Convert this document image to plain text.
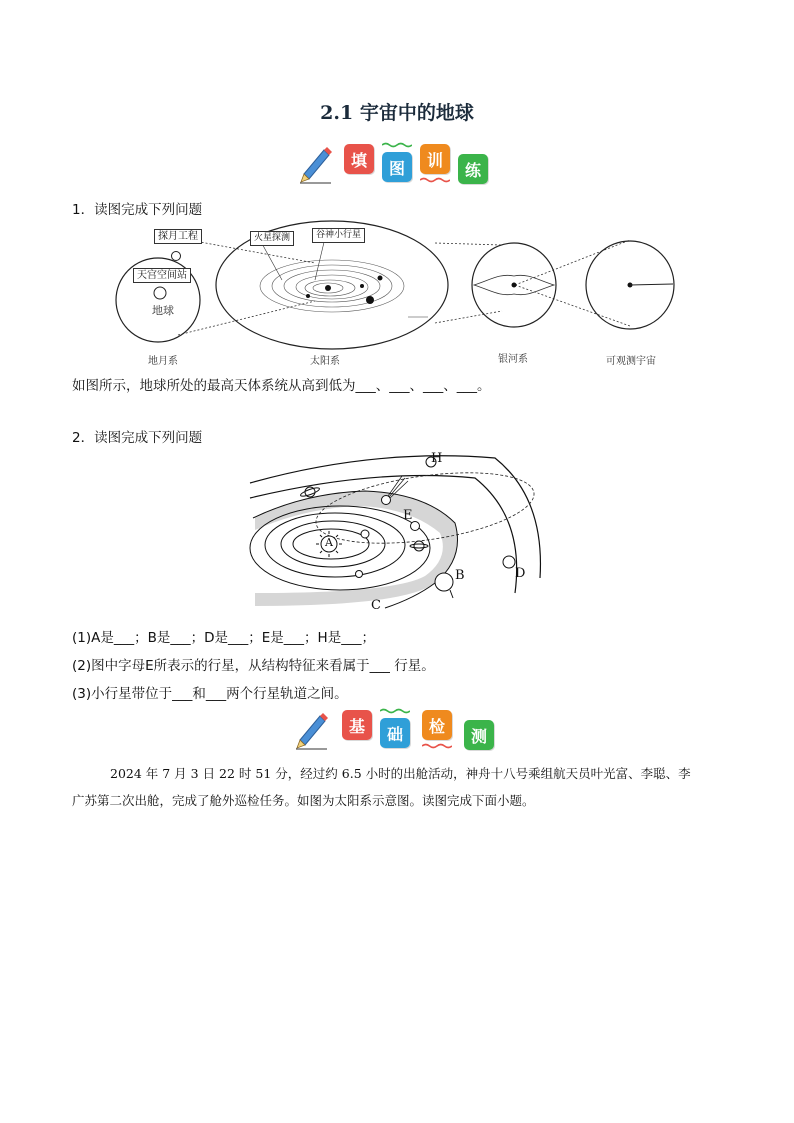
2.1 宇宙中的地球
填	图	训
练
1．读图完成下列问题
探月工程
天宫空间站
地球
火星探测	谷神小行星
地月系	太阳系	银河系	可观测宇宙
如图所示，地球所处的最高天体系统从高到低为___、___、___、___。
2．读图完成下列问题
A
B
C
D
E
H
(1)A是___；B是___；D是___；E是___；H是___；
(2)图中字母E所表示的行星，从结构特征来看属于___ 行星。
(3)小行星带位于___和___两个行星轨道之间。
基	础	检
测
2024 年 7 月 3 日 22 时 51 分，经过约 6.5 小时的出舱活动，神舟十八号乘组航天员叶光富、李聪、李
广苏第二次出舱，完成了舱外巡检任务。如图为太阳系示意图。读图完成下面小题。
